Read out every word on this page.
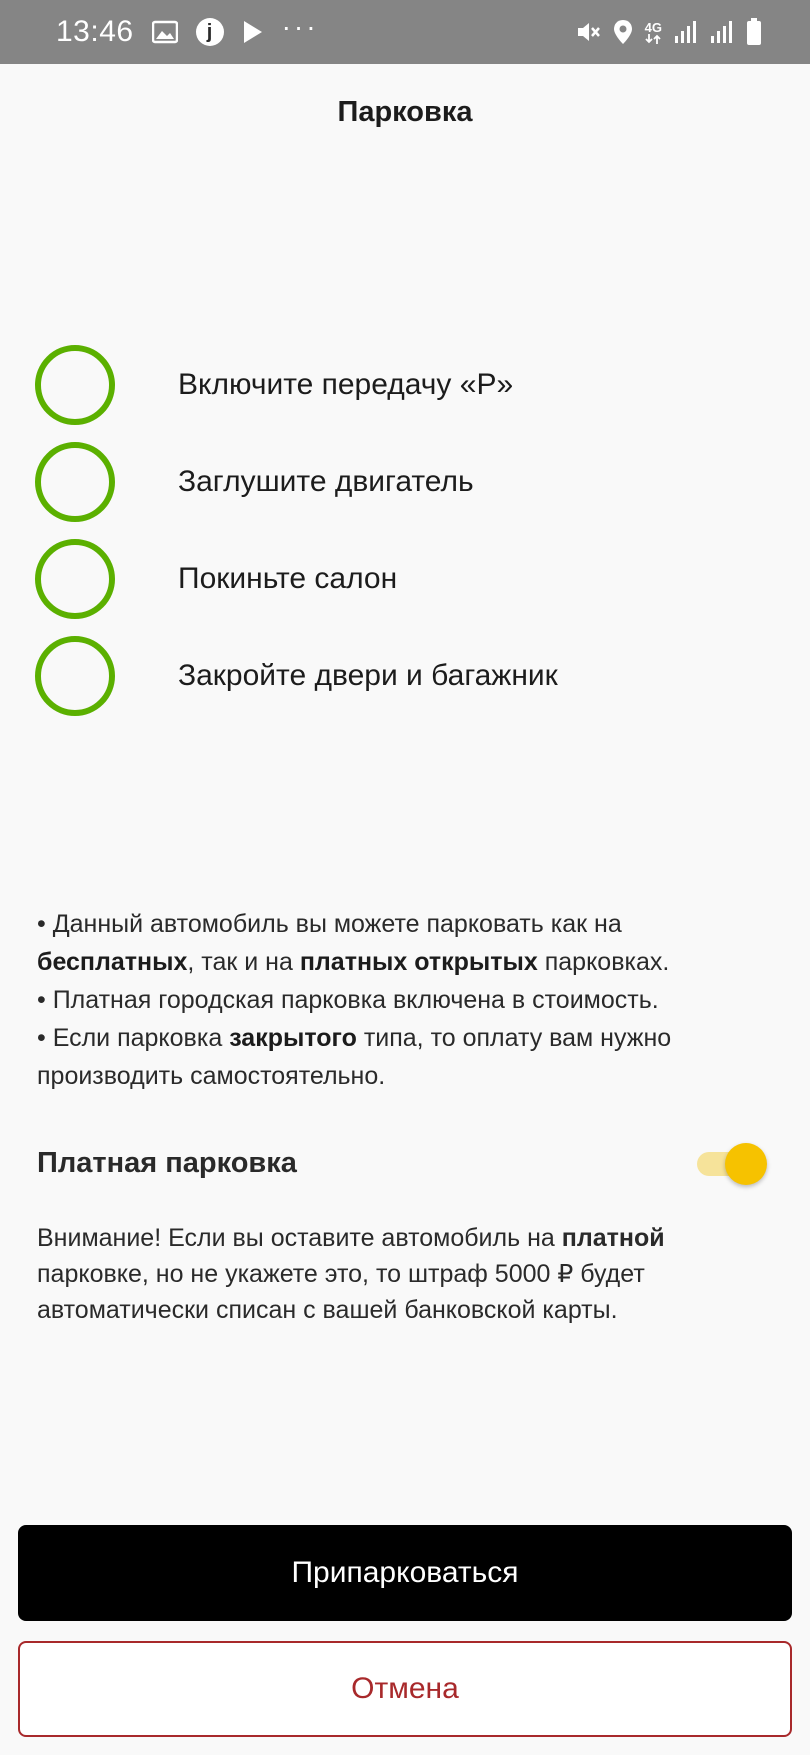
13:46	j	···	4G
Парковка
Включите передачу «P»
Заглушите двигатель
Покиньте салон
Закройте двери и багажник

• Данный автомобиль вы можете парковать как на бесплатных, так и на платных открытых парковках.

• Платная городская парковка включена в стоимость.

• Если парковка закрытого типа, то оплату вам нужно производить самостоятельно.

Платная парковка
Внимание! Если вы оставите автомобиль на платной парковке, но не укажете это, то штраф 5000 ₽ будет автоматически списан с вашей банковской карты.
Припарковаться
Отмена
